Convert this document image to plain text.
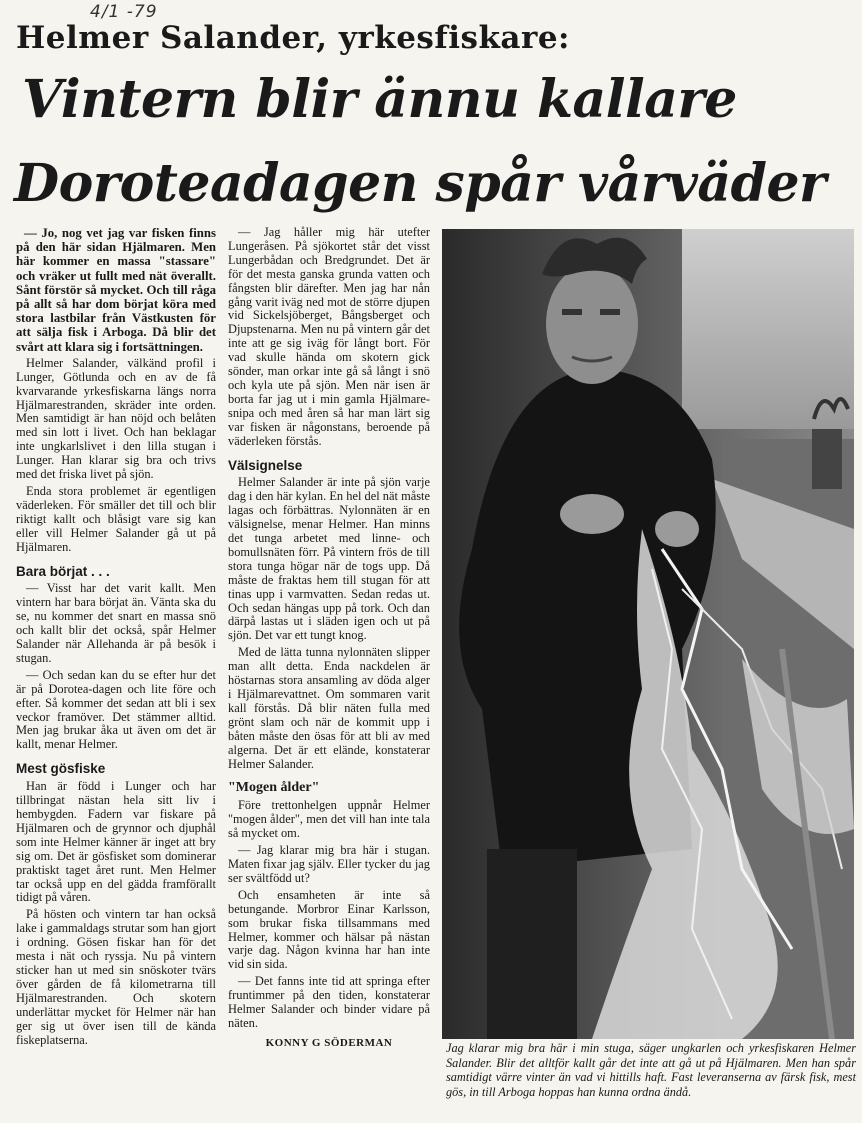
4/1 -79
Helmer Salander, yrkesfiskare:
Vintern blir ännu kallare
Doroteadagen spår vårväder

— Jo, nog vet jag var fisken finns på den här sidan Hjälmaren. Men här kommer en massa "stassare" och vräker ut fullt med nät överallt. Sånt förstör så mycket. Och till råga på allt så har dom börjat köra med stora lastbilar från Västkusten för att sälja fisk i Arboga. Då blir det svårt att klara sig i fortsättningen.

Helmer Salander, välkänd profil i Lunger, Götlunda och en av de få kvarvarande yrkesfiskarna längs norra Hjälmarestranden, skräder inte orden. Men samtidigt är han nöjd och belåten med sin lott i livet. Och han beklagar inte ungkarlslivet i den lilla stugan i Lunger. Han klarar sig bra och trivs med det friska livet på sjön.

Enda stora problemet är egentligen väderleken. För smäller det till och blir riktigt kallt och blåsigt vare sig kan eller vill Helmer Salander gå ut på Hjälmaren.

Bara börjat . . .

— Visst har det varit kallt. Men vintern har bara börjat än. Vänta ska du se, nu kommer det snart en massa snö och kallt blir det också, spår Helmer Salander när Allehanda är på besök i stugan.

— Och sedan kan du se efter hur det är på Dorotea-dagen och lite före och efter. Så kommer det sedan att bli i sex veckor framöver. Det stämmer alltid. Men jag brukar åka ut även om det är kallt, menar Helmer.

Mest gösfiske

Han är född i Lunger och har tillbringat nästan hela sitt liv i hembygden. Fadern var fiskare på Hjälmaren och de grynnor och djuphål som inte Helmer känner är inget att bry sig om. Det är gösfisket som dominerar praktiskt taget året runt. Men Helmer tar också upp en del gädda framförallt tidigt på våren.

På hösten och vintern tar han också lake i gammaldags strutar som han gjort i ordning. Gösen fiskar han för det mesta i nät och ryssja. Nu på vintern sticker han ut med sin snöskoter tvärs över gården de få kilometrarna till Hjälmarestranden. Och skotern underlättar mycket för Helmer när han ger sig ut över isen till de kända fiskeplatserna.

— Jag håller mig här utefter Lungeråsen. På sjökortet står det visst Lungerbådan och Bredgrundet. Det är för det mesta ganska grunda vatten och fångsten blir därefter. Men jag har nån gång varit iväg ned mot de större djupen vid Sickelsjöberget, Bångsberget och Djupstenarna. Men nu på vintern går det inte att ge sig iväg för långt bort. För vad skulle hända om skotern gick sönder, man orkar inte gå så långt i snö och kyla ute på sjön. Men när isen är borta far jag ut i min gamla Hjälmare-snipa och med åren så har man lärt sig var fisken är någonstans, beroende på väderleken förstås.

Välsignelse

Helmer Salander är inte på sjön varje dag i den här kylan. En hel del nät måste lagas och förbättras. Nylonnäten är en välsignelse, menar Helmer. Han minns det tunga arbetet med linne- och bomullsnäten förr. På vintern frös de till stora tunga högar när de togs upp. Då måste de fraktas hem till stugan för att tinas upp i varmvatten. Sedan redas ut. Och sedan hängas upp på tork. Och dan därpå lastas ut i släden igen och ut på sjön. Det var ett tungt knog.

Med de lätta tunna nylonnäten slipper man allt detta. Enda nackdelen är höstarnas stora ansamling av döda alger i Hjälmarevattnet. Om sommaren varit kall förstås. Då blir näten fulla med grönt slam och när de kommit upp i båten måste den ösas för att bli av med algerna. Det är ett elände, konstaterar Helmer Salander.

"Mogen ålder"

Före trettonhelgen uppnår Helmer "mogen ålder", men det vill han inte tala så mycket om.

— Jag klarar mig bra här i stugan. Maten fixar jag själv. Eller tycker du jag ser svältfödd ut?

Och ensamheten är inte så betungande. Morbror Einar Karlsson, som brukar fiska tillsammans med Helmer, kommer och hälsar på nästan varje dag. Någon kvinna har han inte vid sin sida.

— Det fanns inte tid att springa efter fruntimmer på den tiden, konstaterar Helmer Salander och binder vidare på näten.

KONNY G SÖDERMAN	Jag klarar mig bra här i min stuga, säger ungkarlen och yrkesfiskaren Helmer Salander. Blir det alltför kallt går det inte att gå ut på Hjälmaren. Men han spår samtidigt värre vinter än vad vi hittills haft. Fast leveranserna av färsk fisk, mest gös, in till Arboga hoppas han kunna ordna ändå.
